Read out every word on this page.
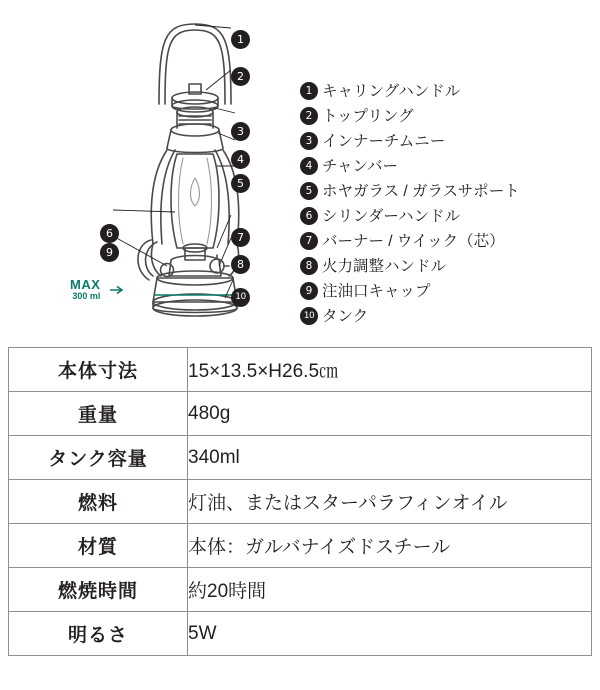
1
2
3
4
5
6
9
7
8
10
MAX
300 ml
1 キャリングハンドル
2 トップリング
3 インナーチムニー
4 チャンバー
5 ホヤガラス / ガラスサポート
6 シリンダーハンドル
7 バーナー / ウイック（芯）
8 火力調整ハンドル
9 注油口キャップ
10 タンク
本体寸法	15×13.5×H26.5㎝
重量	480g
タンク容量	340ml
燃料	灯油、またはスターパラフィンオイル
材質	本体：ガルバナイズドスチール
燃焼時間	約20時間
明るさ	5W
